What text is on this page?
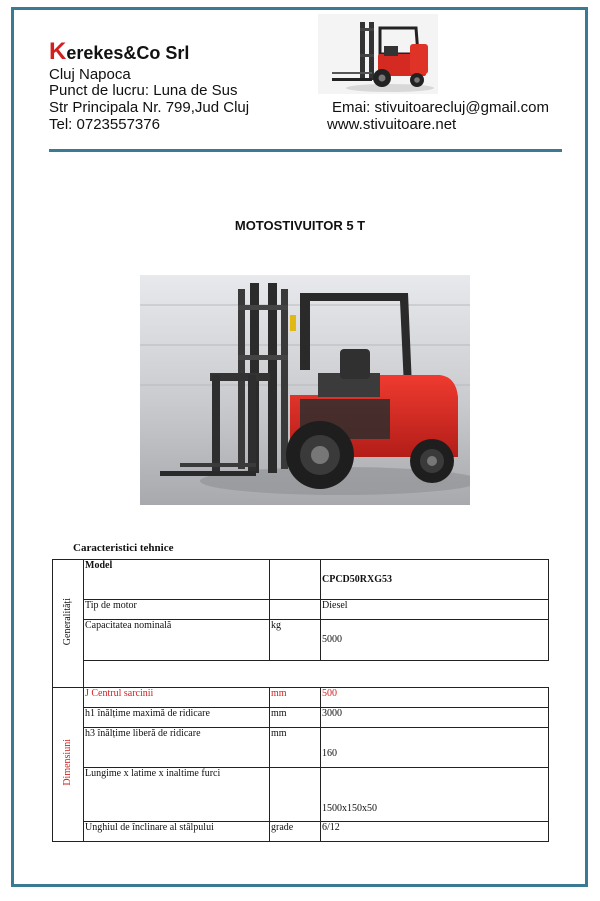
Kerekes&Co Srl
Cluj Napoca
Punct de lucru: Luna de Sus
Str Principala Nr. 799,Jud Cluj
Tel: 0723557376
Emai: stivuitoarecluj@gmail.com
www.stivuitoare.net
MOTOSTIVUITOR 5 T
Caracteristici tehnice
Generalități	Model		CPCD50RXG53
	Tip de motor		Diesel
	Capacitatea nominală	kg	5000

Dimensiuni	J Centrul sarcinii	mm	500
	h1 înălțime maximă de ridicare	mm	3000
	h3 înălțime liberă de ridicare	mm	160
	Lungime x latime x inaltime furci		1500x150x50
	Unghiul de înclinare al stâlpului	grade	6/12
